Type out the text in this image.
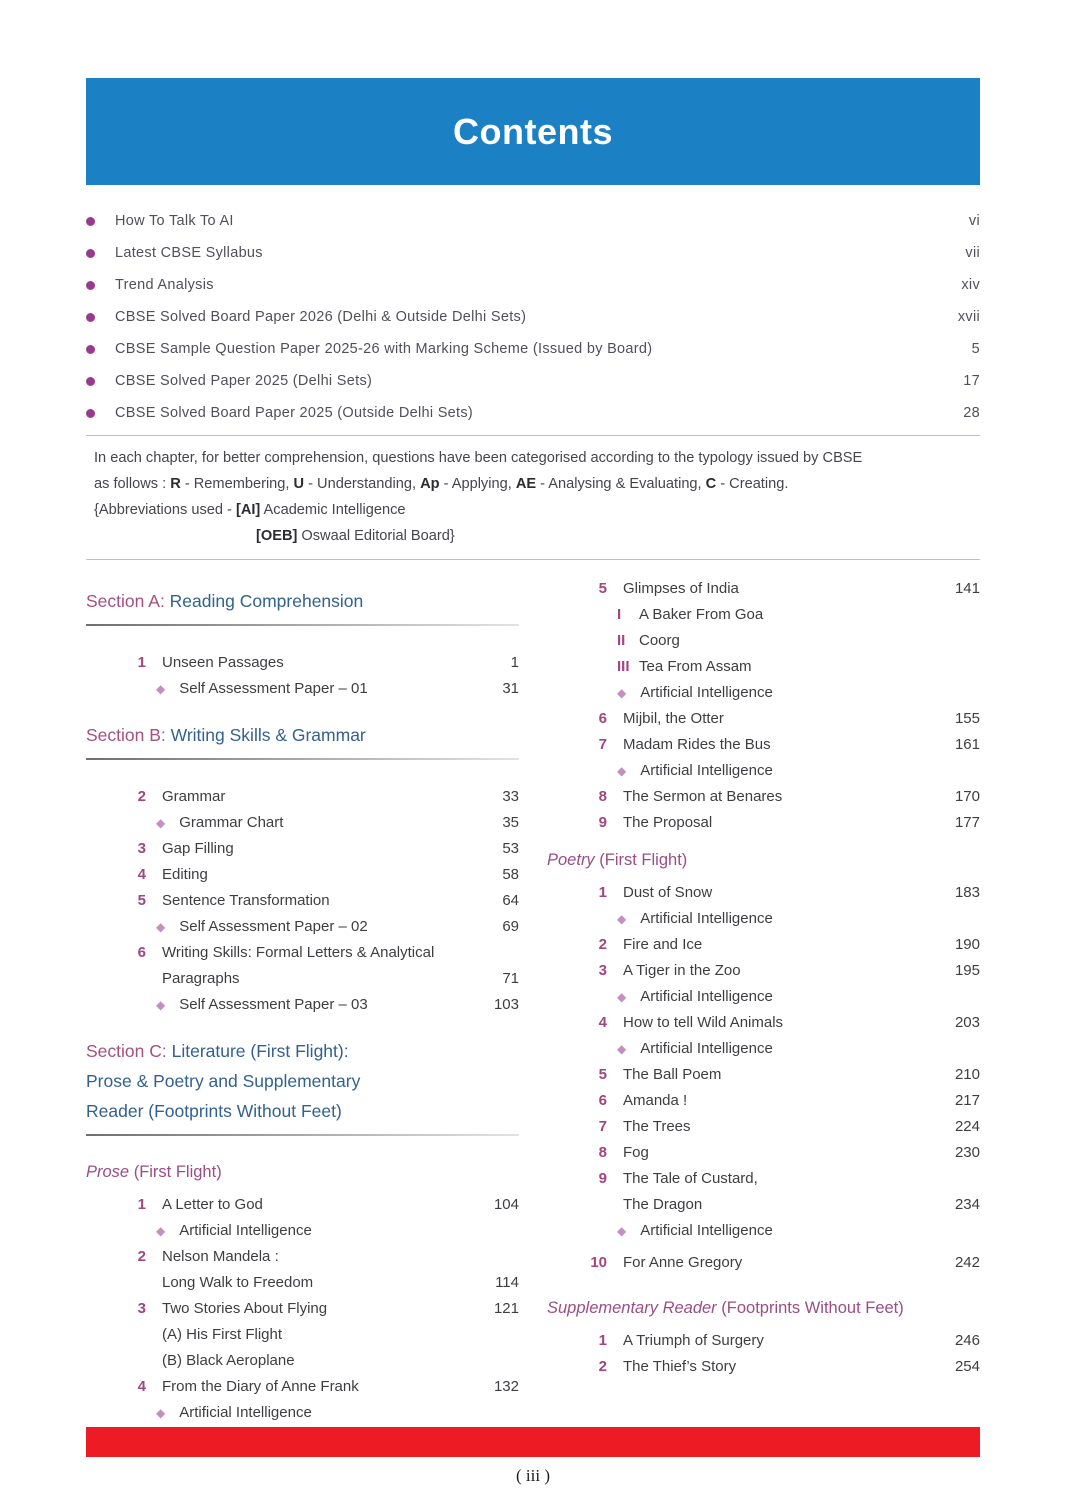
Contents
How To Talk To AI	vi
Latest CBSE Syllabus	vii
Trend Analysis	xiv
CBSE Solved Board Paper 2026 (Delhi & Outside Delhi Sets)	xvii
CBSE Sample Question Paper 2025-26 with Marking Scheme (Issued by Board)	5
CBSE Solved Paper 2025 (Delhi Sets)	17
CBSE Solved Board Paper 2025 (Outside Delhi Sets)	28
In each chapter, for better comprehension, questions have been categorised according to the typology issued by CBSE
as follows : R - Remembering, U - Understanding, Ap - Applying, AE - Analysing & Evaluating, C - Creating.
{Abbreviations used - [AI] Academic Intelligence
[OEB] Oswaal Editorial Board}
Section A: Reading Comprehension
1 Unseen Passages	1
◆ Self Assessment Paper – 01	31
Section B: Writing Skills & Grammar
2 Grammar	33
◆ Grammar Chart	35
3 Gap Filling	53
4 Editing	58
5 Sentence Transformation	64
◆ Self Assessment Paper – 02	69
6 Writing Skills: Formal Letters & Analytical
Paragraphs	71
◆ Self Assessment Paper – 03	103
Section C: Literature (First Flight):
Prose & Poetry and Supplementary
Reader (Footprints Without Feet)
Prose (First Flight)
1 A Letter to God	104
◆ Artificial Intelligence
2 Nelson Mandela :
Long Walk to Freedom	114
3 Two Stories About Flying	121
(A) His First Flight
(B) Black Aeroplane
4 From the Diary of Anne Frank	132
◆ Artificial Intelligence
5 Glimpses of India	141
I	A Baker From Goa
II Coorg
III Tea From Assam
◆ Artificial Intelligence
6 Mijbil, the Otter	155
7 Madam Rides the Bus	161
◆ Artificial Intelligence
8 The Sermon at Benares	170
9 The Proposal	177
Poetry (First Flight)
1 Dust of Snow	183
◆ Artificial Intelligence
2 Fire and Ice	190
3 A Tiger in the Zoo	195
◆ Artificial Intelligence
4 How to tell Wild Animals	203
◆ Artificial Intelligence
5 The Ball Poem	210
6 Amanda !	217
7 The Trees	224
8 Fog	230
9 The Tale of Custard,
The Dragon	234
◆ Artificial Intelligence
10 For Anne Gregory	242
Supplementary Reader (Footprints Without Feet)
1 A Triumph of Surgery	246
2 The Thief’s Story	254
( iii )
